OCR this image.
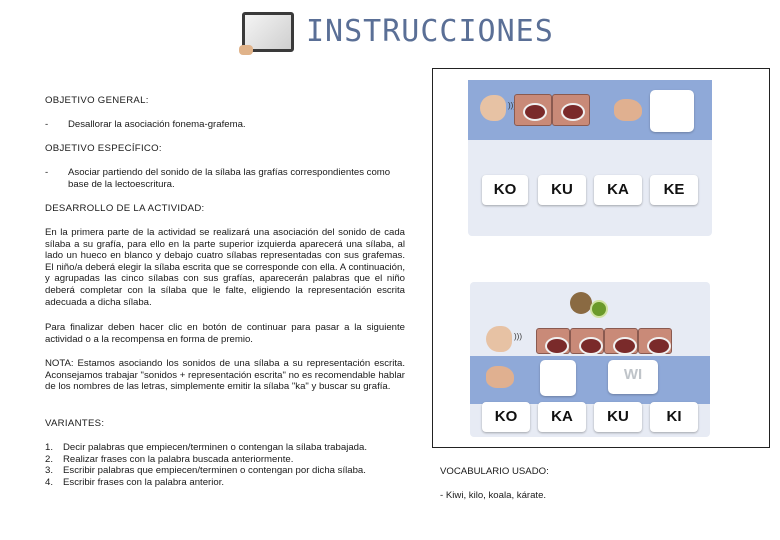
INSTRUCCIONES
OBJETIVO GENERAL:
- Desallorar la asociación fonema-grafema.
OBJETIVO ESPECÍFICO:
- Asociar partiendo del sonido de la sílaba las grafías correspondientes como base de la lectoescritura.
DESARROLLO DE LA ACTIVIDAD:
En la primera parte de la actividad se realizará una asociación del sonido de cada sílaba a su grafía, para ello en la parte superior izquierda aparecerá una sílaba, al lado un hueco en blanco y debajo cuatro sílabas representadas con sus grafemas. El niño/a deberá elegir la sílaba escrita que se corresponde con ella. A continuación, y agrupadas las cinco sílabas con sus grafías, aparecerán palabras que el niño deberá completar con la sílaba que le falte, eligiendo la representación escrita adecuada a dicha sílaba.
Para finalizar deben hacer clic en botón de continuar para pasar a la siguiente actividad o a la recompensa en forma de premio.
NOTA: Estamos asociando los sonidos de una sílaba a su representación escrita. Aconsejamos trabajar "sonidos + representación escrita" no es recomendable hablar de los nombres de las letras, simplemente emitir la sílaba "ka" y buscar su grafía.
VARIANTES:
1. Decir palabras que empiecen/terminen o contengan la sílaba trabajada.
2. Realizar frases con la palabra buscada anteriormente.
3. Escribir palabras que empiecen/terminen o contengan por dicha sílaba.
4. Escribir frases con la palabra anterior.
)))
KO	KU	KA	KE
)))
WI
KO	KA	KU	KI
VOCABULARIO USADO:
- Kiwi, kilo, koala, kárate.
